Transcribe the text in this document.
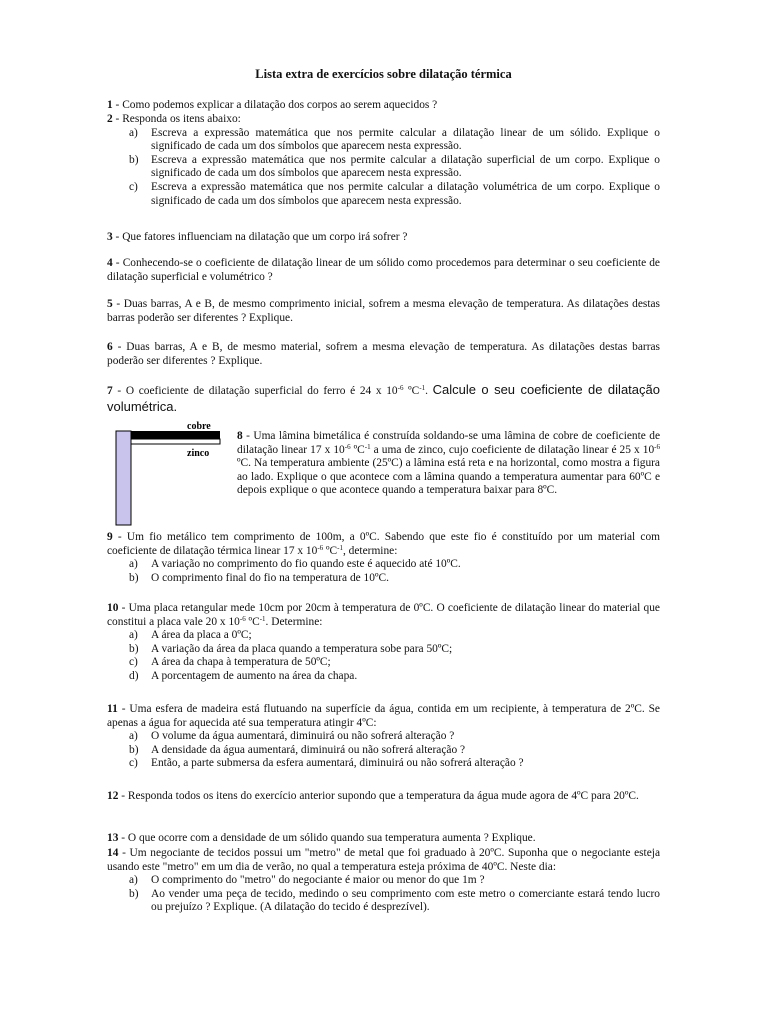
Lista extra de exercícios sobre dilatação térmica
1 - Como podemos explicar a dilatação dos corpos ao serem aquecidos ?
2 - Responda os itens abaixo:
a) Escreva a expressão matemática que nos permite calcular a dilatação linear de um sólido. Explique o significado de cada um dos símbolos que aparecem nesta expressão.
b) Escreva a expressão matemática que nos permite calcular a dilatação superficial de um corpo. Explique o significado de cada um dos símbolos que aparecem nesta expressão.
c) Escreva a expressão matemática que nos permite calcular a dilatação volumétrica de um corpo. Explique o significado de cada um dos símbolos que aparecem nesta expressão.
3 - Que fatores influenciam na dilatação que um corpo irá sofrer ?
4 - Conhecendo-se o coeficiente de dilatação linear de um sólido como procedemos para determinar o seu coeficiente de dilatação superficial e volumétrico ?
5 - Duas barras, A e B, de mesmo comprimento inicial, sofrem a mesma elevação de temperatura. As dilatações destas barras poderão ser diferentes ? Explique.
6 - Duas barras, A e B, de mesmo material, sofrem a mesma elevação de temperatura. As dilatações destas barras poderão ser diferentes ? Explique.
7 - O coeficiente de dilatação superficial do ferro é 24 x $10^{-6}$ ºC$^{-1}$. Calcule o seu coeficiente de dilatação volumétrica.
cobre
zinco
8 - Uma lâmina bimetálica é construída soldando-se uma lâmina de cobre de coeficiente de dilatação linear 17 x $10^{-6}$ ºC$^{-1}$ a uma de zinco, cujo coeficiente de dilatação linear é 25 x $10^{-6}$ ºC. Na temperatura ambiente (25ºC) a lâmina está reta e na horizontal, como mostra a figura ao lado. Explique o que acontece com a lâmina quando a temperatura aumentar para 60ºC e depois explique o que acontece quando a temperatura baixar para 8ºC.
9 - Um fio metálico tem comprimento de 100m, a 0ºC. Sabendo que este fio é constituído por um material com coeficiente de dilatação térmica linear 17 x $10^{-6}$ ºC$^{-1}$, determine:
a) A variação no comprimento do fio quando este é aquecido até 10ºC.
b) O comprimento final do fio na temperatura de 10ºC.
10 - Uma placa retangular mede 10cm por 20cm à temperatura de 0ºC. O coeficiente de dilatação linear do material que constitui a placa vale 20 x $10^{-6}$ ºC$^{-1}$. Determine:
a) A área da placa a 0ºC;
b) A variação da área da placa quando a temperatura sobe para 50ºC;
c) A área da chapa à temperatura de 50ºC;
d) A porcentagem de aumento na área da chapa.
11 - Uma esfera de madeira está flutuando na superfície da água, contida em um recipiente, à temperatura de 2ºC. Se apenas a água for aquecida até sua temperatura atingir 4ºC:
a) O volume da água aumentará, diminuirá ou não sofrerá alteração ?
b) A densidade da água aumentará, diminuirá ou não sofrerá alteração ?
c) Então, a parte submersa da esfera aumentará, diminuirá ou não sofrerá alteração ?
12 - Responda todos os itens do exercício anterior supondo que a temperatura da água mude agora de 4ºC para 20ºC.
13 - O que ocorre com a densidade de um sólido quando sua temperatura aumenta ? Explique.
14 - Um negociante de tecidos possui um "metro" de metal que foi graduado à 20ºC. Suponha que o negociante esteja usando este "metro" em um dia de verão, no qual a temperatura esteja próxima de 40ºC. Neste dia:
a) O comprimento do "metro" do negociante é maior ou menor do que 1m ?
b) Ao vender uma peça de tecido, medindo o seu comprimento com este metro o comerciante estará tendo lucro ou prejuízo ? Explique. (A dilatação do tecido é desprezível).
